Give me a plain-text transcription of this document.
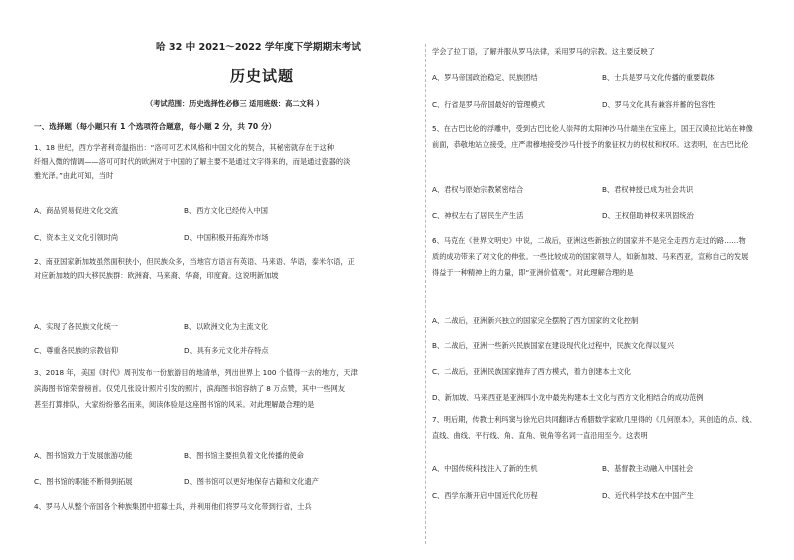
哈 32 中 2021～2022 学年度下学期期末考试
历史试题
（考试范围：历史选择性必修三 适用班级：高二文科 ）
一、选择题（每小题只有 1 个选项符合题意，每小题 2 分，共 70 分）
1、18 世纪，西方学者利奇温指出：“洛可可艺术风格和中国文化的契合，其秘密就存在于这种
纤细入微的情调——洛可可时代的欧洲对于中国的了解主要不是通过文字得来的，而是通过瓷器的淡
雅光泽。”由此可知，当时
A、商品贸易促进文化交流	B、西方文化已经传入中国
C、资本主义文化引领时尚	D、中国积极开拓海外市场
2、南亚国家新加坡虽然面积狭小，但民族众多，当地官方语言有英语、马来语、华语，泰米尔语，正
对应新加坡的四大移民族群：欧洲裔、马来裔、华裔，印度裔。这说明新加坡
A、实现了各民族文化统一	B、以欧洲文化为主流文化
C、尊重各民族的宗教信仰	D、具有多元文化并存特点
3、2018 年，美国《时代》周刊发布一份旅游目的地清单，列出世界上 100 个值得一去的地方，天津
滨海图书馆荣誉榜首。仅凭几张设计照片引发的照片，滨海图书馆容纳了 8 万点赞，其中一些网友
甚至打算排队，大家纷纷慕名而来，阅读体验是这座图书馆的风采。对此理解最合理的是
A、图书馆致力于发展旅游功能	B、图书馆主要担负着文化传播的使命
C、图书馆的职能不断得到拓展	D、图书馆可以更好地保存古籍和文化遗产
4、罗马人从整个帝国各个种族集团中招募士兵，并利用他们将罗马文化带到行省，士兵
学会了拉丁语，了解并服从罗马法律，采用罗马的宗教。这主要反映了
A、罗马帝国政治稳定、民族团结	B、士兵是罗马文化传播的重要载体
C、行省是罗马帝国最好的管理模式	D、罗马文化具有兼容并蓄的包容性
5、在古巴比伦的浮雕中，受到古巴比伦人崇拜的太阳神沙马什端坐在宝座上，国王汉谟拉比站在神像
前面，恭敬地站立接受，庄严肃穆地接受沙马什授予的象征权力的权杖和权环。这表明，在古巴比伦
A、君权与原始宗教紧密结合	B、君权神授已成为社会共识
C、神权左右了居民生产生活	D、王权借助神权来巩固统治
6、马克在《世界文明史》中说，二战后，亚洲这些新独立的国家并不是完全走西方走过的路……物
质的成功带来了对文化的伸张。一些比较成功的国家领导人，如新加坡、马来西亚，宣称自己的发展
得益于一种精神上的力量，即“亚洲价值观”。对此理解合理的是
A、二战后，亚洲新兴独立的国家完全摆脱了西方国家的文化控制
B、二战后，亚洲一些新兴民族国家在建设现代化过程中，民族文化得以复兴
C、二战后，亚洲民族国家抛弃了西方模式，着力创建本土文化
D、新加坡、马来西亚是亚洲四小龙中最先构建本土文化与西方文化相结合的成功范例
7、明后期，传教士利玛窦与徐光启共同翻译古希腊数学家欧几里得的《几何原本》，其创造的点、线、
直线、曲线、平行线、角、直角、锐角等名词一直沿用至今。这表明
A、中国传统科技注入了新的生机	B、基督教主动融入中国社会
C、西学东渐开启中国近代化历程	D、近代科学技术在中国产生
